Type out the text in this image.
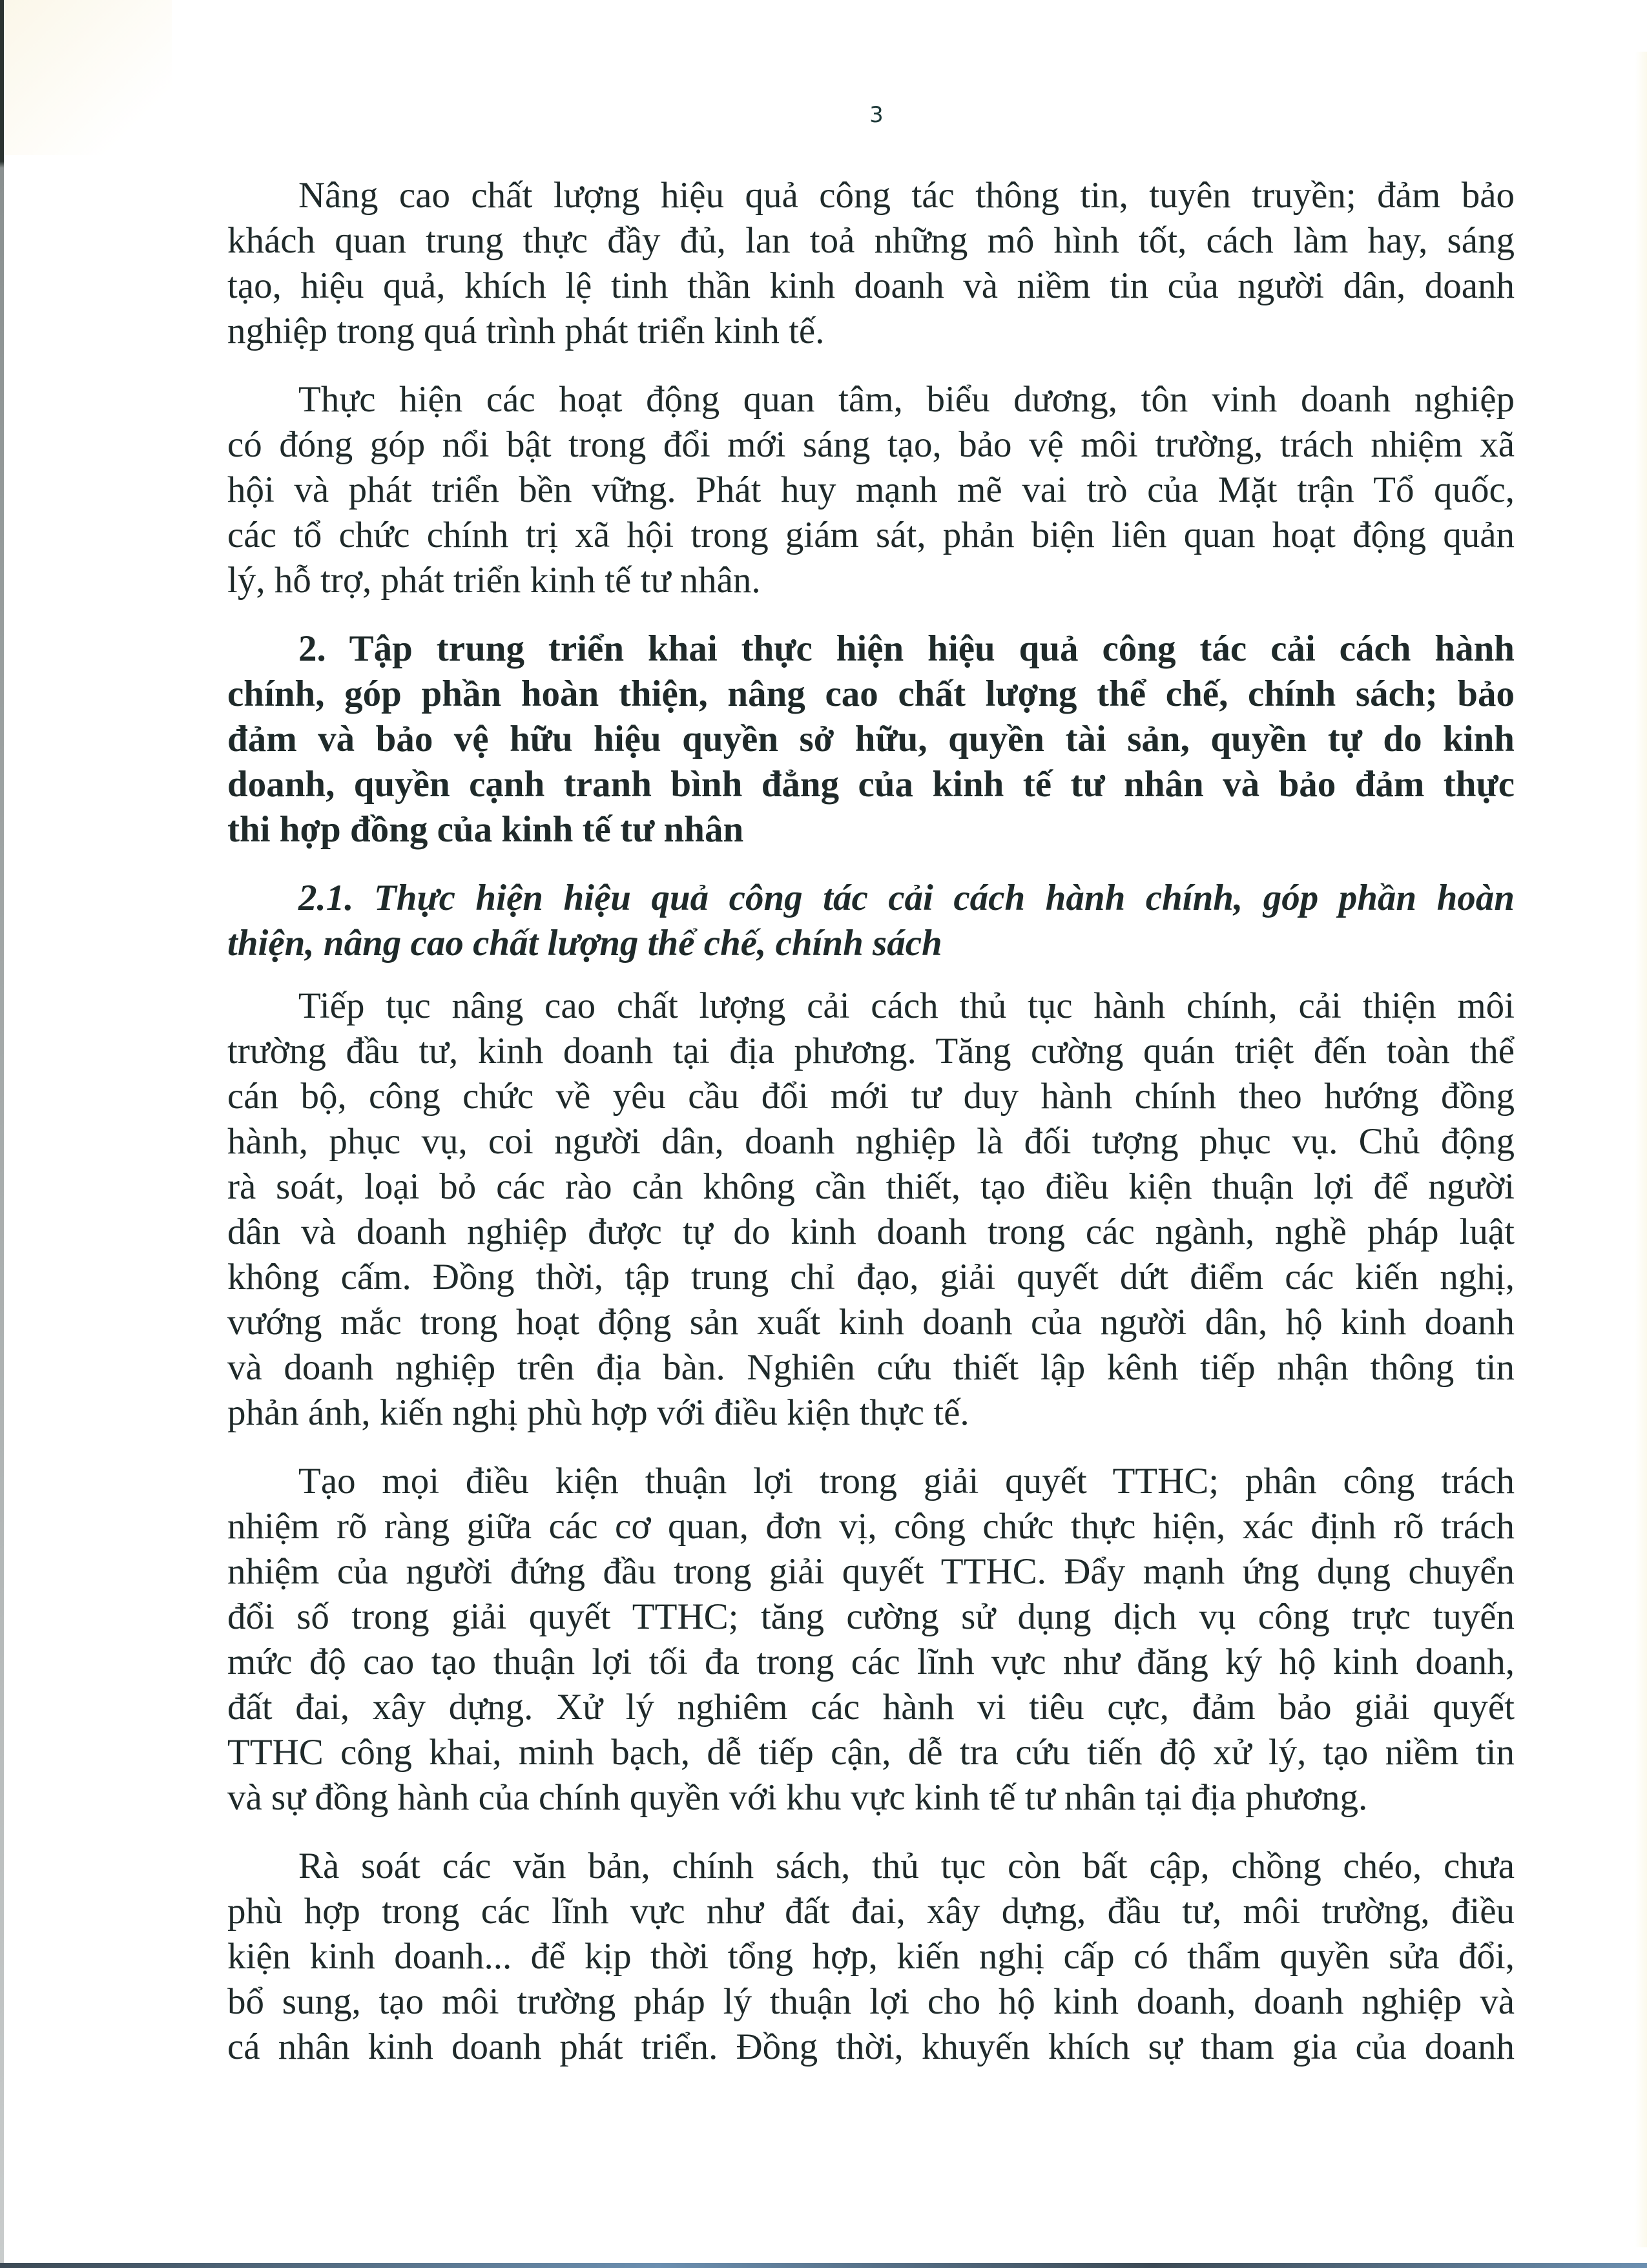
3
Nâng cao chất lượng hiệu quả công tác thông tin, tuyên truyền; đảm bảo
khách quan trung thực đầy đủ, lan toả những mô hình tốt, cách làm hay, sáng
tạo, hiệu quả, khích lệ tinh thần kinh doanh và niềm tin của người dân, doanh
nghiệp trong quá trình phát triển kinh tế.
Thực hiện các hoạt động quan tâm, biểu dương, tôn vinh doanh nghiệp
có đóng góp nổi bật trong đổi mới sáng tạo, bảo vệ môi trường, trách nhiệm xã
hội và phát triển bền vững. Phát huy mạnh mẽ vai trò của Mặt trận Tổ quốc,
các tổ chức chính trị xã hội trong giám sát, phản biện liên quan hoạt động quản
lý, hỗ trợ, phát triển kinh tế tư nhân.
2. Tập trung triển khai thực hiện hiệu quả công tác cải cách hành
chính, góp phần hoàn thiện, nâng cao chất lượng thể chế, chính sách; bảo
đảm và bảo vệ hữu hiệu quyền sở hữu, quyền tài sản, quyền tự do kinh
doanh, quyền cạnh tranh bình đẳng của kinh tế tư nhân và bảo đảm thực
thi hợp đồng của kinh tế tư nhân
2.1. Thực hiện hiệu quả công tác cải cách hành chính, góp phần hoàn
thiện, nâng cao chất lượng thể chế, chính sách
Tiếp tục nâng cao chất lượng cải cách thủ tục hành chính, cải thiện môi
trường đầu tư, kinh doanh tại địa phương. Tăng cường quán triệt đến toàn thể
cán bộ, công chức về yêu cầu đổi mới tư duy hành chính theo hướng đồng
hành, phục vụ, coi người dân, doanh nghiệp là đối tượng phục vụ. Chủ động
rà soát, loại bỏ các rào cản không cần thiết, tạo điều kiện thuận lợi để người
dân và doanh nghiệp được tự do kinh doanh trong các ngành, nghề pháp luật
không cấm. Đồng thời, tập trung chỉ đạo, giải quyết dứt điểm các kiến nghị,
vướng mắc trong hoạt động sản xuất kinh doanh của người dân, hộ kinh doanh
và doanh nghiệp trên địa bàn. Nghiên cứu thiết lập kênh tiếp nhận thông tin
phản ánh, kiến nghị phù hợp với điều kiện thực tế.
Tạo mọi điều kiện thuận lợi trong giải quyết TTHC; phân công trách
nhiệm rõ ràng giữa các cơ quan, đơn vị, công chức thực hiện, xác định rõ trách
nhiệm của người đứng đầu trong giải quyết TTHC. Đẩy mạnh ứng dụng chuyển
đổi số trong giải quyết TTHC; tăng cường sử dụng dịch vụ công trực tuyến
mức độ cao tạo thuận lợi tối đa trong các lĩnh vực như đăng ký hộ kinh doanh,
đất đai, xây dựng. Xử lý nghiêm các hành vi tiêu cực, đảm bảo giải quyết
TTHC công khai, minh bạch, dễ tiếp cận, dễ tra cứu tiến độ xử lý, tạo niềm tin
và sự đồng hành của chính quyền với khu vực kinh tế tư nhân tại địa phương.
Rà soát các văn bản, chính sách, thủ tục còn bất cập, chồng chéo, chưa
phù hợp trong các lĩnh vực như đất đai, xây dựng, đầu tư, môi trường, điều
kiện kinh doanh... để kịp thời tổng hợp, kiến nghị cấp có thẩm quyền sửa đổi,
bổ sung, tạo môi trường pháp lý thuận lợi cho hộ kinh doanh, doanh nghiệp và
cá nhân kinh doanh phát triển. Đồng thời, khuyến khích sự tham gia của doanh
